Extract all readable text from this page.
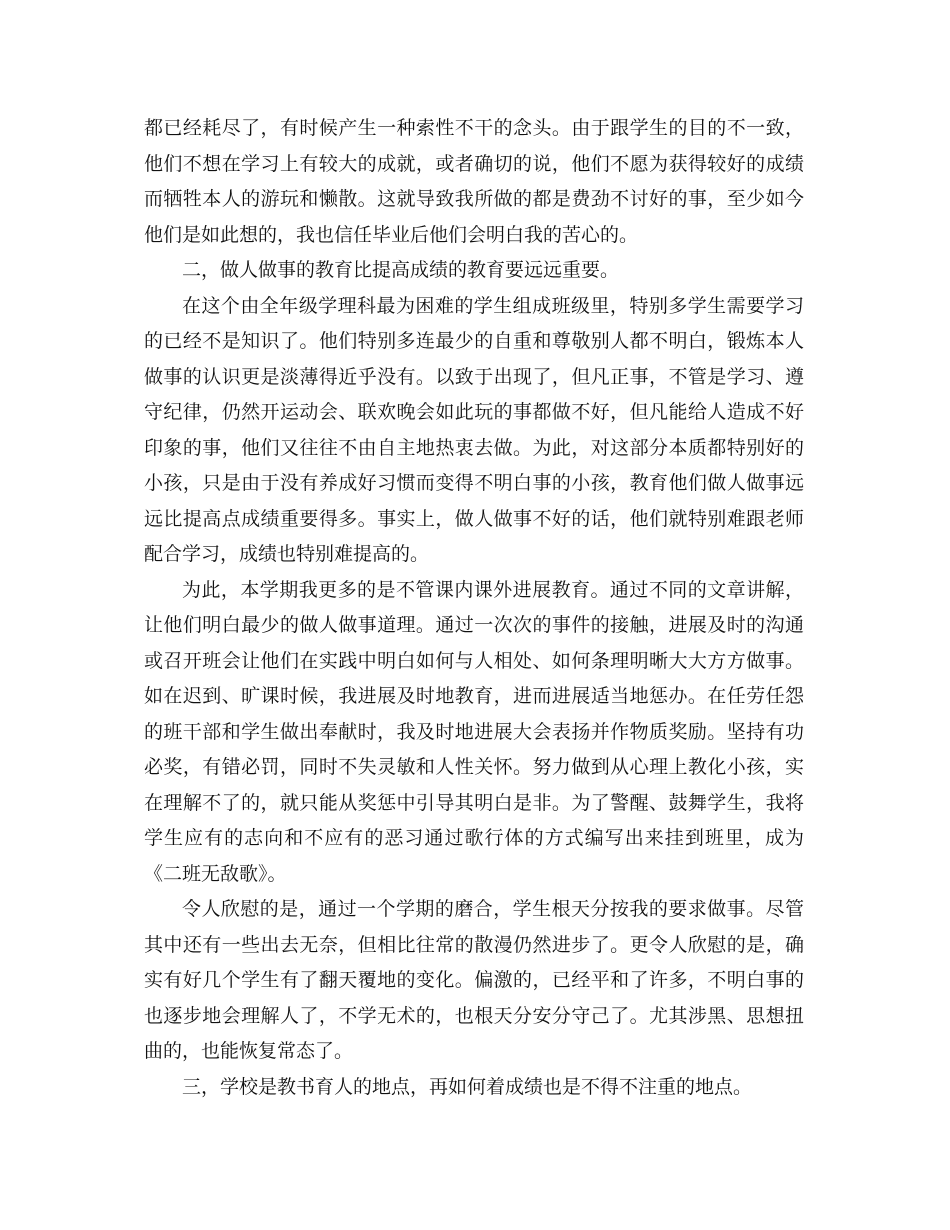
都已经耗尽了，有时候产生一种索性不干的念头。由于跟学生的目的不一致，他们不想在学习上有较大的成就，或者确切的说，他们不愿为获得较好的成绩而牺牲本人的游玩和懒散。这就导致我所做的都是费劲不讨好的事，至少如今他们是如此想的，我也信任毕业后他们会明白我的苦心的。

二，做人做事的教育比提高成绩的教育要远远重要。

在这个由全年级学理科最为困难的学生组成班级里，特别多学生需要学习的已经不是知识了。他们特别多连最少的自重和尊敬别人都不明白，锻炼本人做事的认识更是淡薄得近乎没有。以致于出现了，但凡正事，不管是学习、遵守纪律，仍然开运动会、联欢晚会如此玩的事都做不好，但凡能给人造成不好印象的事，他们又往往不由自主地热衷去做。为此，对这部分本质都特别好的小孩，只是由于没有养成好习惯而变得不明白事的小孩，教育他们做人做事远远比提高点成绩重要得多。事实上，做人做事不好的话，他们就特别难跟老师配合学习，成绩也特别难提高的。

为此，本学期我更多的是不管课内课外进展教育。通过不同的文章讲解，让他们明白最少的做人做事道理。通过一次次的事件的接触，进展及时的沟通或召开班会让他们在实践中明白如何与人相处、如何条理明晰大大方方做事。如在迟到、旷课时候，我进展及时地教育，进而进展适当地惩办。在任劳任怨的班干部和学生做出奉献时，我及时地进展大会表扬并作物质奖励。坚持有功必奖，有错必罚，同时不失灵敏和人性关怀。努力做到从心理上教化小孩，实在理解不了的，就只能从奖惩中引导其明白是非。为了警醒、鼓舞学生，我将学生应有的志向和不应有的恶习通过歌行体的方式编写出来挂到班里，成为《二班无敌歌》。

令人欣慰的是，通过一个学期的磨合，学生根天分按我的要求做事。尽管其中还有一些出去无奈，但相比往常的散漫仍然进步了。更令人欣慰的是，确实有好几个学生有了翻天覆地的变化。偏激的，已经平和了许多，不明白事的也逐步地会理解人了，不学无术的，也根天分安分守己了。尤其涉黑、思想扭曲的，也能恢复常态了。

三，学校是教书育人的地点，再如何着成绩也是不得不注重的地点。
